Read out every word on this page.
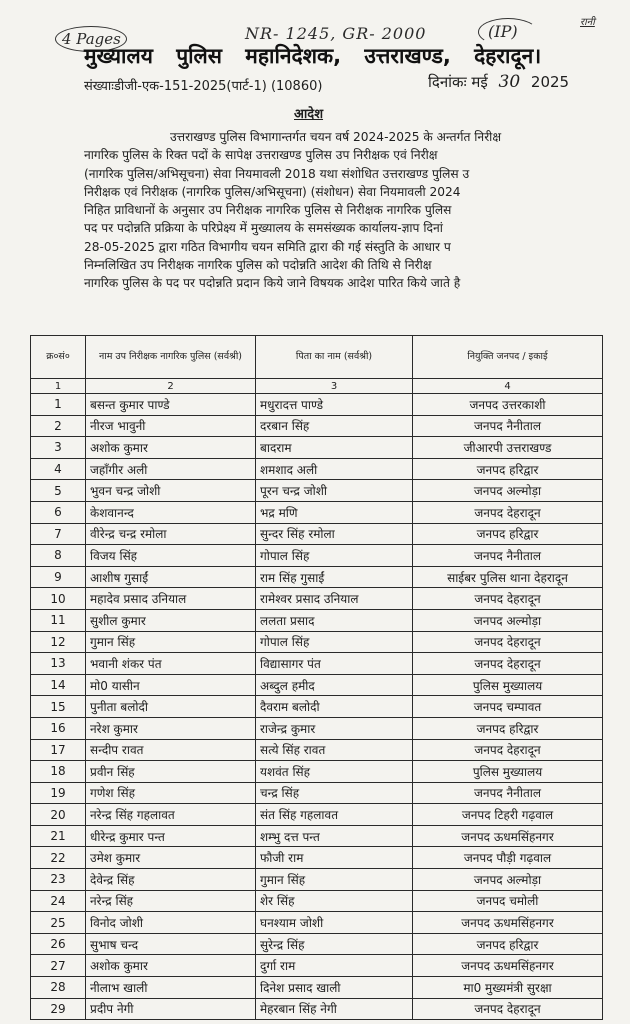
4 Pages	NR- 1245, GR- 2000	(IP)	रानी
मुख्यालय पुलिस महानिदेशक, उत्तराखण्ड, देहरादून।
संख्याःडीजी-एक-151-2025(पार्ट-1) (10860)	दिनांकः मई 30 2025
आदेश
उत्तराखण्ड पुलिस विभागान्तर्गत चयन वर्ष 2024-2025 के अन्तर्गत निरीक्ष
नागरिक पुलिस के रिक्त पदों के सापेक्ष उत्तराखण्ड पुलिस उप निरीक्षक एवं निरीक्ष
(नागरिक पुलिस/अभिसूचना) सेवा नियमावली 2018 यथा संशोधित उत्तराखण्ड पुलिस उ
निरीक्षक एवं निरीक्षक (नागरिक पुलिस/अभिसूचना) (संशोधन) सेवा नियमावली 2024
निहित प्राविधानों के अनुसार उप निरीक्षक नागरिक पुलिस से निरीक्षक नागरिक पुलिस
पद पर पदोन्नति प्रक्रिया के परिप्रेक्ष्य में मुख्यालय के समसंख्यक कार्यालय-ज्ञाप दिनां
28-05-2025 द्वारा गठित विभागीय चयन समिति द्वारा की गई संस्तुति के आधार प
निम्नलिखित उप निरीक्षक नागरिक पुलिस को पदोन्नति आदेश की तिथि से निरीक्ष
नागरिक पुलिस के पद पर पदोन्नति प्रदान किये जाने विषयक आदेश पारित किये जाते है
क्र०सं०	नाम उप निरीक्षक नागरिक पुलिस (सर्वश्री)	पिता का नाम (सर्वश्री)	नियुक्ति जनपद / इकाई
1	2	3	4
1	बसन्त कुमार पाण्डे	मधुरादत्त पाण्डे	जनपद उत्तरकाशी
2	नीरज भावुनी	दरबान सिंह	जनपद नैनीताल
3	अशोक कुमार	बादराम	जीआरपी उत्तराखण्ड
4	जहाँगीर अली	शमशाद अली	जनपद हरिद्वार
5	भुवन चन्द्र जोशी	पूरन चन्द्र जोशी	जनपद अल्मोड़ा
6	केशवानन्द	भद्र मणि	जनपद देहरादून
7	वीरेन्द्र चन्द्र रमोला	सुन्दर सिंह रमोला	जनपद हरिद्वार
8	विजय सिंह	गोपाल सिंह	जनपद नैनीताल
9	आशीष गुसाईं	राम सिंह गुसाईं	साईबर पुलिस थाना देहरादून
10	महादेव प्रसाद उनियाल	रामेश्वर प्रसाद उनियाल	जनपद देहरादून
11	सुशील कुमार	ललता प्रसाद	जनपद अल्मोड़ा
12	गुमान सिंह	गोपाल सिंह	जनपद देहरादून
13	भवानी शंकर पंत	विद्यासागर पंत	जनपद देहरादून
14	मो0 यासीन	अब्दुल हमीद	पुलिस मुख्यालय
15	पुनीता बलोदी	दैवराम बलोदी	जनपद चम्पावत
16	नरेश कुमार	राजेन्द्र कुमार	जनपद हरिद्वार
17	सन्दीप रावत	सत्ये सिंह रावत	जनपद देहरादून
18	प्रवीन सिंह	यशवंत सिंह	पुलिस मुख्यालय
19	गणेश सिंह	चन्द्र सिंह	जनपद नैनीताल
20	नरेन्द्र सिंह गहलावत	संत सिंह गहलावत	जनपद टिहरी गढ़वाल
21	धीरेन्द्र कुमार पन्त	शम्भु दत्त पन्त	जनपद ऊधमसिंहनगर
22	उमेश कुमार	फौजी राम	जनपद पौड़ी गढ़वाल
23	देवेन्द्र सिंह	गुमान सिंह	जनपद अल्मोड़ा
24	नरेन्द्र सिंह	शेर सिंह	जनपद चमोली
25	विनोद जोशी	घनश्याम जोशी	जनपद ऊधमसिंहनगर
26	सुभाष चन्द	सुरेन्द्र सिंह	जनपद हरिद्वार
27	अशोक कुमार	दुर्गा राम	जनपद ऊधमसिंहनगर
28	नीलाभ खाली	दिनेश प्रसाद खाली	मा0 मुख्यमंत्री सुरक्षा
29	प्रदीप नेगी	मेहरबान सिंह नेगी	जनपद देहरादून
